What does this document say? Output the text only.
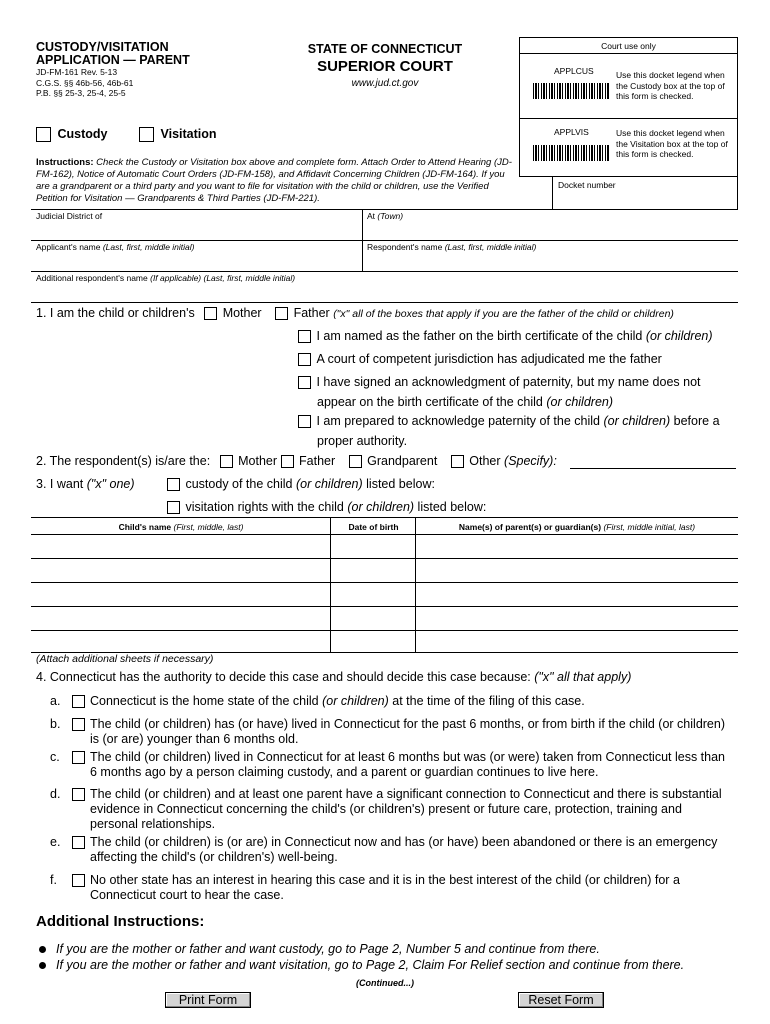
CUSTODY/VISITATION
APPLICATION — PARENT
JD-FM-161 Rev. 5-13
C.G.S. §§ 46b-56, 46b-61
P.B. §§ 25-3, 25-4, 25-5
STATE OF CONNECTICUT
SUPERIOR COURT
www.jud.ct.gov
Court use only
APPLCUS	Use this docket legend when the Custody box at the top of this form is checked.
APPLVIS	Use this docket legend when the Visitation box at the top of this form is checked.
Custody	Visitation
Instructions: Check the Custody or Visitation box above and complete form. Attach Order to Attend Hearing (JD-FM-162), Notice of Automatic Court Orders (JD-FM-158), and Affidavit Concerning Children (JD-FM-164). If you are a grandparent or a third party and you want to file for visitation with the child or children, use the Verified Petition for Visitation — Grandparents & Third Parties (JD-FM-221).
Docket number
Judicial District of	At (Town)
Applicant's name (Last, first, middle initial)	Respondent's name (Last, first, middle initial)
Additional respondent's name (If applicable) (Last, first, middle initial)
1. I am the child or children's Mother	Father ("x" all of the boxes that apply if you are the father of the child or children)
I am named as the father on the birth certificate of the child (or children)
A court of competent jurisdiction has adjudicated me the father
I have signed an acknowledgment of paternity, but my name does not
appear on the birth certificate of the child (or children)
I am prepared to acknowledge paternity of the child (or children) before a
proper authority.
2. The respondent(s) is/are the: Mother Father	Grandparent	Other (Specify):
3. I want ("x" one)	custody of the child (or children) listed below:
visitation rights with the child (or children) listed below:
Child's name (First, middle, last)	Date of birth	Name(s) of parent(s) or guardian(s) (First, middle initial, last)
(Attach additional sheets if necessary)
4. Connecticut has the authority to decide this case and should decide this case because: ("x" all that apply)
a. Connecticut is the home state of the child (or children) at the time of the filing of this case.
b. The child (or children) has (or have) lived in Connecticut for the past 6 months, or from birth if the child (or children)
is (or are) younger than 6 months old.
c. The child (or children) lived in Connecticut for at least 6 months but was (or were) taken from Connecticut less than
6 months ago by a person claiming custody, and a parent or guardian continues to live here.
d. The child (or children) and at least one parent have a significant connection to Connecticut and there is substantial
evidence in Connecticut concerning the child's (or children's) present or future care, protection, training and
personal relationships.
e. The child (or children) is (or are) in Connecticut now and has (or have) been abandoned or there is an emergency
affecting the child's (or children's) well-being.
f.	No other state has an interest in hearing this case and it is in the best interest of the child (or children) for a
Connecticut court to hear the case.
Additional Instructions:
If you are the mother or father and want custody, go to Page 2, Number 5 and continue from there.
If you are the mother or father and want visitation, go to Page 2, Claim For Relief section and continue from there.
(Continued...)
Print Form	Reset Form
